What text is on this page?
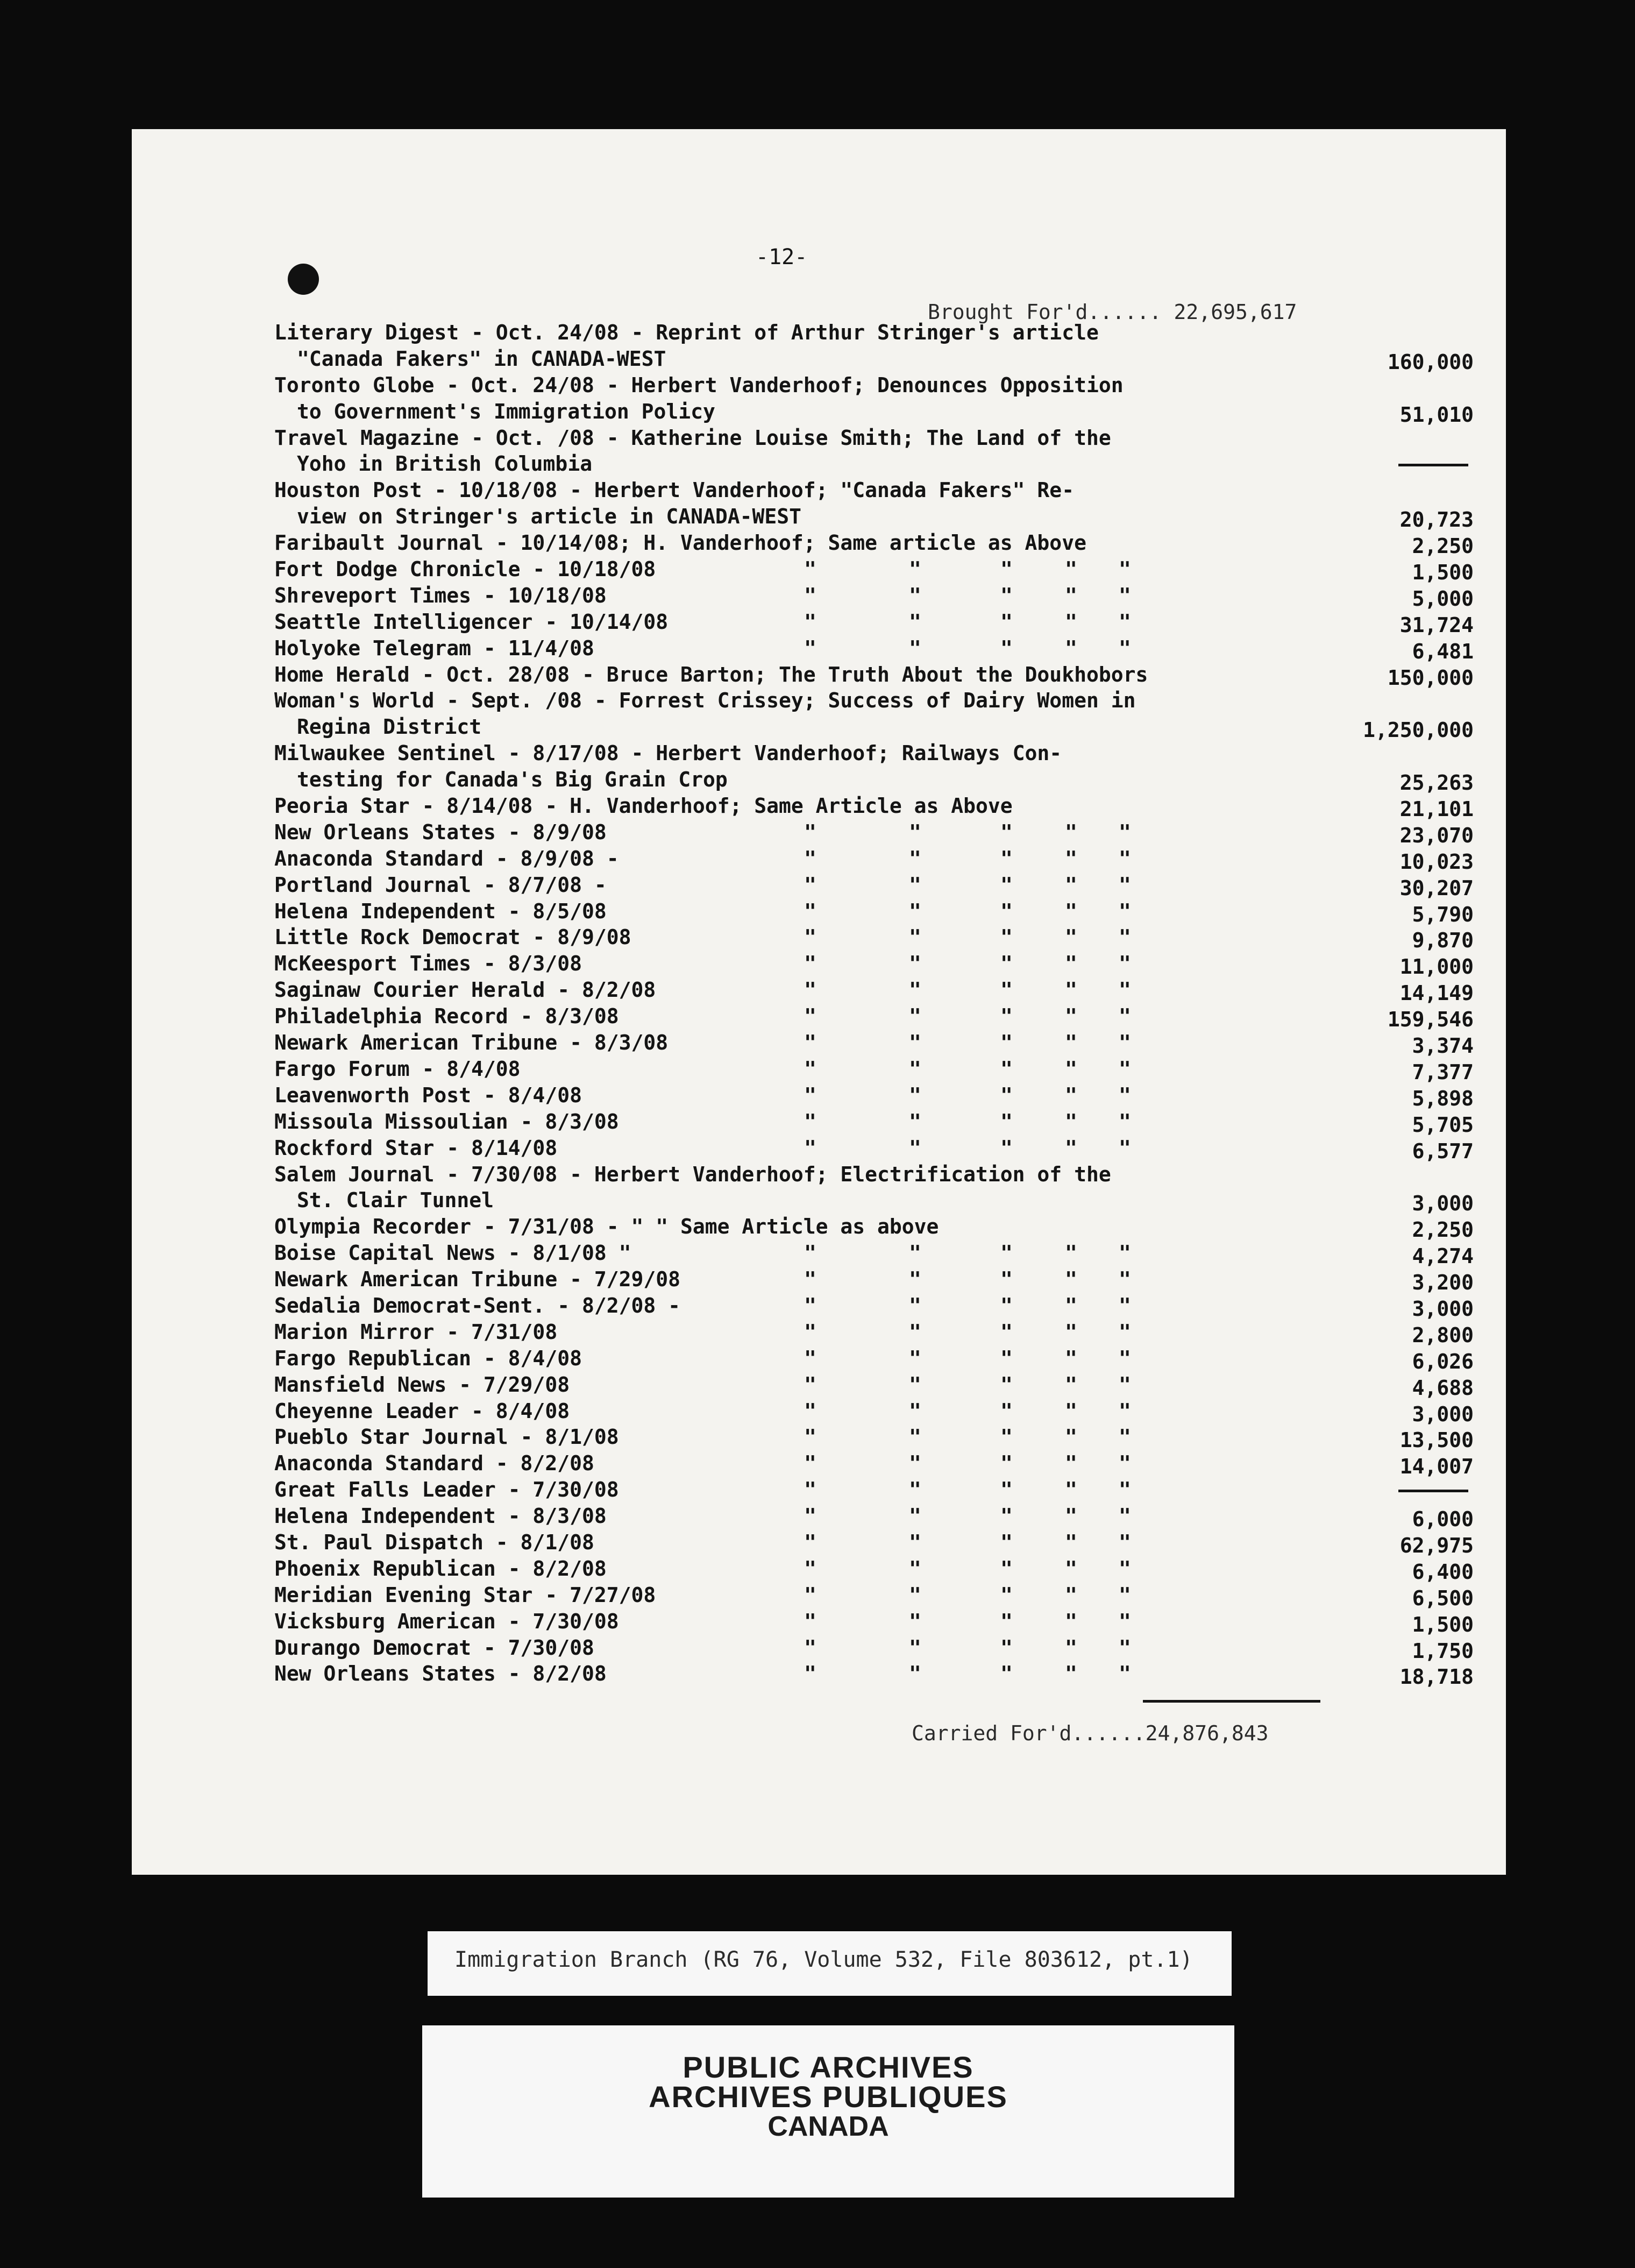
-12-
Brought For'd...... 22,695,617
Literary Digest - Oct. 24/08 - Reprint of Arthur Stringer's article
"Canada Fakers" in CANADA-WEST	160,000
Toronto Globe - Oct. 24/08 - Herbert Vanderhoof; Denounces Opposition
to Government's Immigration Policy	51,010
Travel Magazine - Oct. /08 - Katherine Louise Smith; The Land of the
Yoho in British Columbia
Houston Post - 10/18/08 - Herbert Vanderhoof; "Canada Fakers" Re-
view on Stringer's article in CANADA-WEST	20,723
Faribault Journal - 10/14/08; H. Vanderhoof; Same article as Above	2,250
Fort Dodge Chronicle - 10/18/08	"	"	"	" "	1,500
Shreveport Times - 10/18/08	"	"	"	" "	5,000
Seattle Intelligencer - 10/14/08	"	"	"	" "	31,724
Holyoke Telegram - 11/4/08	"	"	"	" "	6,481
Home Herald - Oct. 28/08 - Bruce Barton; The Truth About the Doukhobors	150,000
Woman's World - Sept. /08 - Forrest Crissey; Success of Dairy Women in
Regina District	1,250,000
Milwaukee Sentinel - 8/17/08 - Herbert Vanderhoof; Railways Con-
testing for Canada's Big Grain Crop	25,263
Peoria Star - 8/14/08 - H. Vanderhoof; Same Article as Above	21,101
New Orleans States - 8/9/08	"	"	"	" "	23,070
Anaconda Standard - 8/9/08 -	"	"	"	" "	10,023
Portland Journal - 8/7/08 -	"	"	"	" "	30,207
Helena Independent - 8/5/08	"	"	"	" "	5,790
Little Rock Democrat - 8/9/08	"	"	"	" "	9,870
McKeesport Times - 8/3/08	"	"	"	" "	11,000
Saginaw Courier Herald - 8/2/08	"	"	"	" "	14,149
Philadelphia Record - 8/3/08	"	"	"	" "	159,546
Newark American Tribune - 8/3/08	"	"	"	" "	3,374
Fargo Forum - 8/4/08	"	"	"	" "	7,377
Leavenworth Post - 8/4/08	"	"	"	" "	5,898
Missoula Missoulian - 8/3/08	"	"	"	" "	5,705
Rockford Star - 8/14/08	"	"	"	" "	6,577
Salem Journal - 7/30/08 - Herbert Vanderhoof; Electrification of the
St. Clair Tunnel	3,000
Olympia Recorder - 7/31/08 - " " Same Article as above	2,250
Boise Capital News - 8/1/08 "	"	"	"	" "	4,274
Newark American Tribune - 7/29/08	"	"	"	" "	3,200
Sedalia Democrat-Sent. - 8/2/08 -	"	"	"	" "	3,000
Marion Mirror - 7/31/08	"	"	"	" "	2,800
Fargo Republican - 8/4/08	"	"	"	" "	6,026
Mansfield News - 7/29/08	"	"	"	" "	4,688
Cheyenne Leader - 8/4/08	"	"	"	" "	3,000
Pueblo Star Journal - 8/1/08	"	"	"	" "	13,500
Anaconda Standard - 8/2/08	"	"	"	" "	14,007
Great Falls Leader - 7/30/08	"	"	"	" "
Helena Independent - 8/3/08	"	"	"	" "	6,000
St. Paul Dispatch - 8/1/08	"	"	"	" "	62,975
Phoenix Republican - 8/2/08	"	"	"	" "	6,400
Meridian Evening Star - 7/27/08	"	"	"	" "	6,500
Vicksburg American - 7/30/08	"	"	"	" "	1,500
Durango Democrat - 7/30/08	"	"	"	" "	1,750
New Orleans States - 8/2/08	"	"	"	" "	18,718
Carried For'd......24,876,843
Immigration Branch (RG 76, Volume 532, File 803612, pt.1)
PUBLIC ARCHIVES
ARCHIVES PUBLIQUES
CANADA
